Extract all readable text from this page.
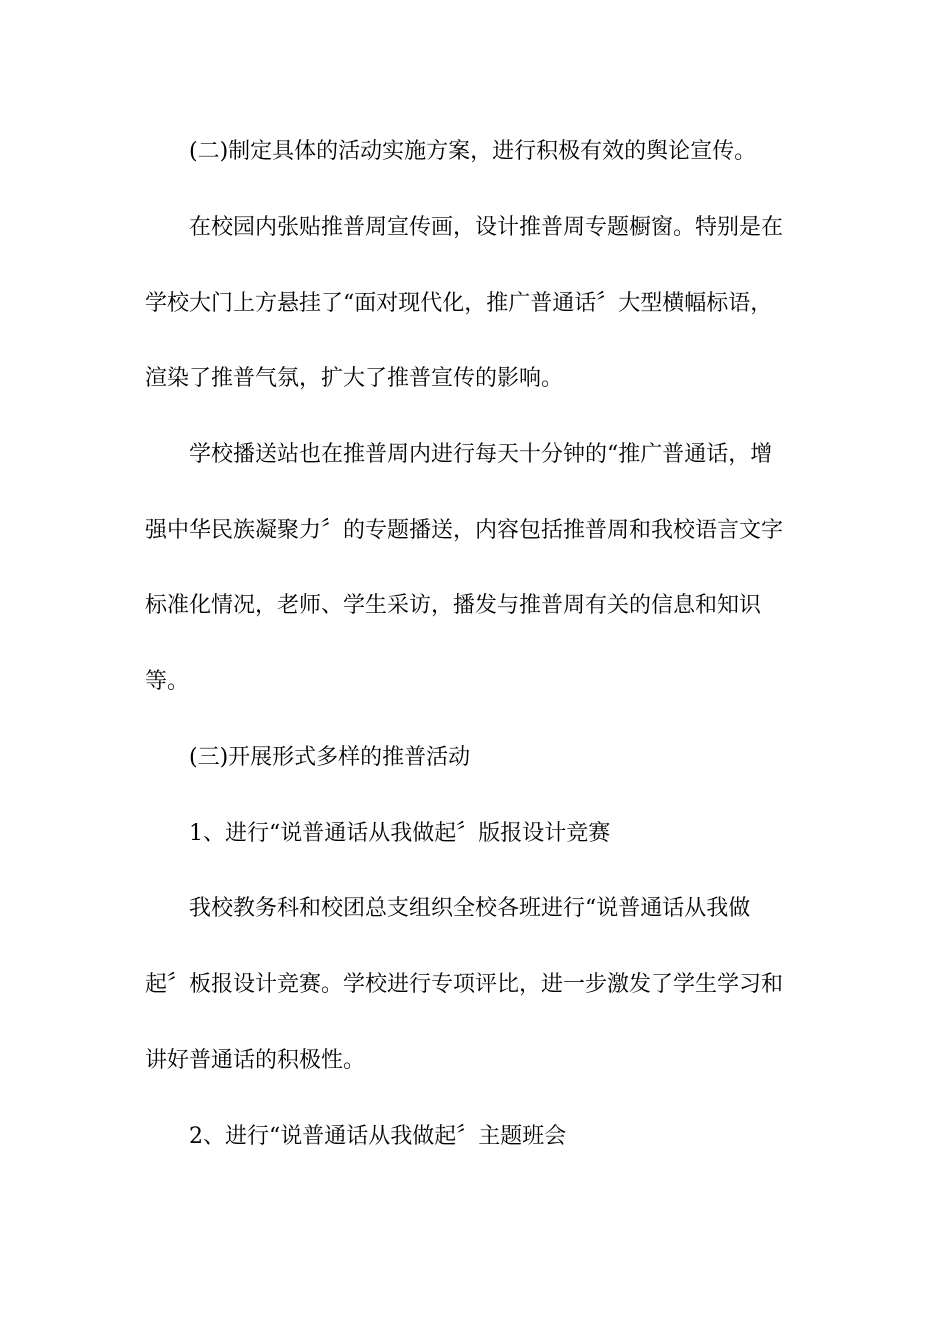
(二)制定具体的活动实施方案，进行积极有效的舆论宣传。
在校园内张贴推普周宣传画，设计推普周专题橱窗。特别是在
学校大门上方悬挂了“面对现代化，推广普通话〞大型横幅标语，
渲染了推普气氛，扩大了推普宣传的影响。
学校播送站也在推普周内进行每天十分钟的“推广普通话，增
强中华民族凝聚力〞的专题播送，内容包括推普周和我校语言文字
标准化情况，老师、学生采访，播发与推普周有关的信息和知识
等。
(三)开展形式多样的推普活动
1、进行“说普通话从我做起〞版报设计竞赛
我校教务科和校团总支组织全校各班进行“说普通话从我做
起〞板报设计竞赛。学校进行专项评比，进一步激发了学生学习和
讲好普通话的积极性。
2、进行“说普通话从我做起〞主题班会
